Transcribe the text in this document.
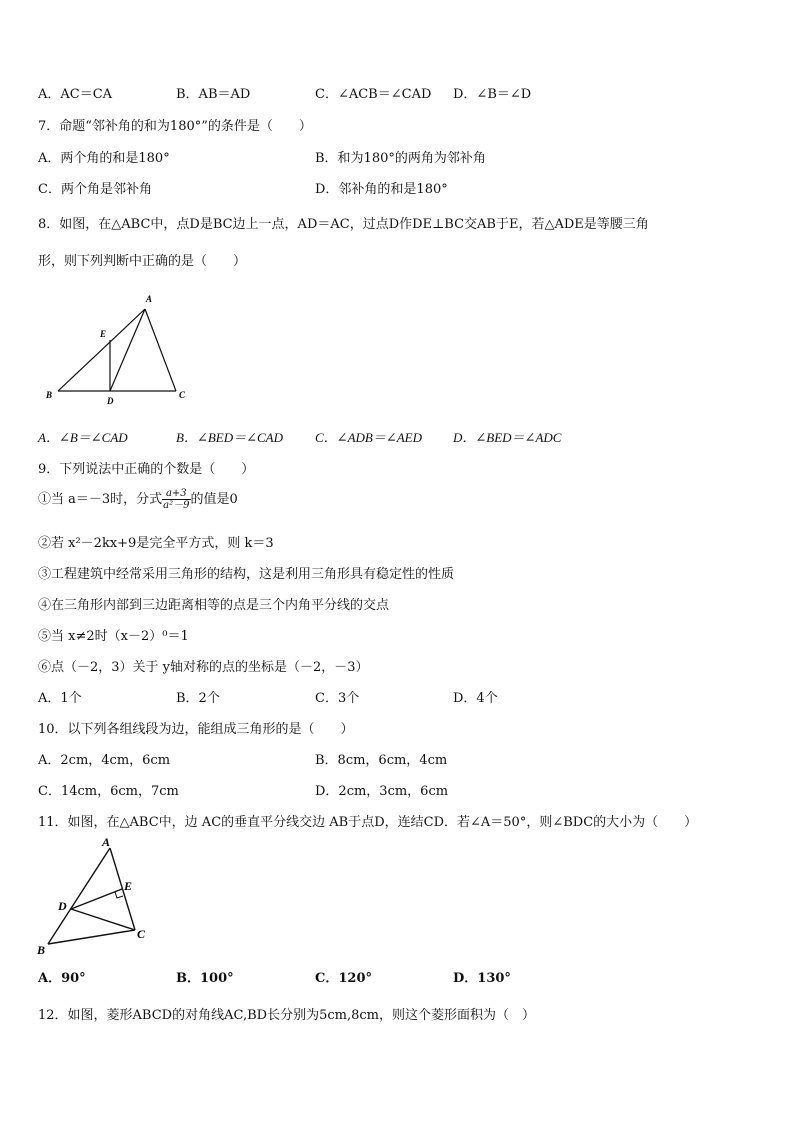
A．AC＝CA	B．AB＝AD	C．∠ACB＝∠CAD D．∠B＝∠D
7．命题“邻补角的和为180°”的条件是（　　）
A．两个角的和是180°	B．和为180°的两角为邻补角
C．两个角是邻补角	D．邻补角的和是180°
8．如图，在△ABC中，点D是BC边上一点，AD＝AC，过点D作DE⊥BC交AB于E，若△ADE是等腰三角
形，则下列判断中正确的是（　　）
A
E
B
D
C
A．∠B＝∠CAD	B．∠BED＝∠CAD C．∠ADB＝∠AED D．∠BED＝∠ADC
9．下列说法中正确的个数是（　　）
①当 a＝－3时，分式 $\frac{a+3}{\text{a²－9}}$ 的值是0
②若 x²－2kx+9是完全平方式，则 k＝3
③工程建筑中经常采用三角形的结构，这是利用三角形具有稳定性的性质
④在三角形内部到三边距离相等的点是三个内角平分线的交点
⑤当 x≠2时（x－2）⁰＝1
⑥点（－2，3）关于 y轴对称的点的坐标是（－2，－3）
A．1个	B．2个	C．3个	D．4个
10．以下列各组线段为边，能组成三角形的是（　　）
A．2cm，4cm，6cm	B．8cm，6cm，4cm
C．14cm，6cm，7cm	D．2cm，3cm，6cm
11．如图，在△ABC中，边 AC的垂直平分线交边 AB于点D，连结CD．若∠A＝50°，则∠BDC的大小为（　　）
A
E
D
B
C
A．90°	B．100°	C．120°	D．130°
12．如图，菱形ABCD的对角线AC,BD长分别为5cm,8cm，则这个菱形面积为（　）
